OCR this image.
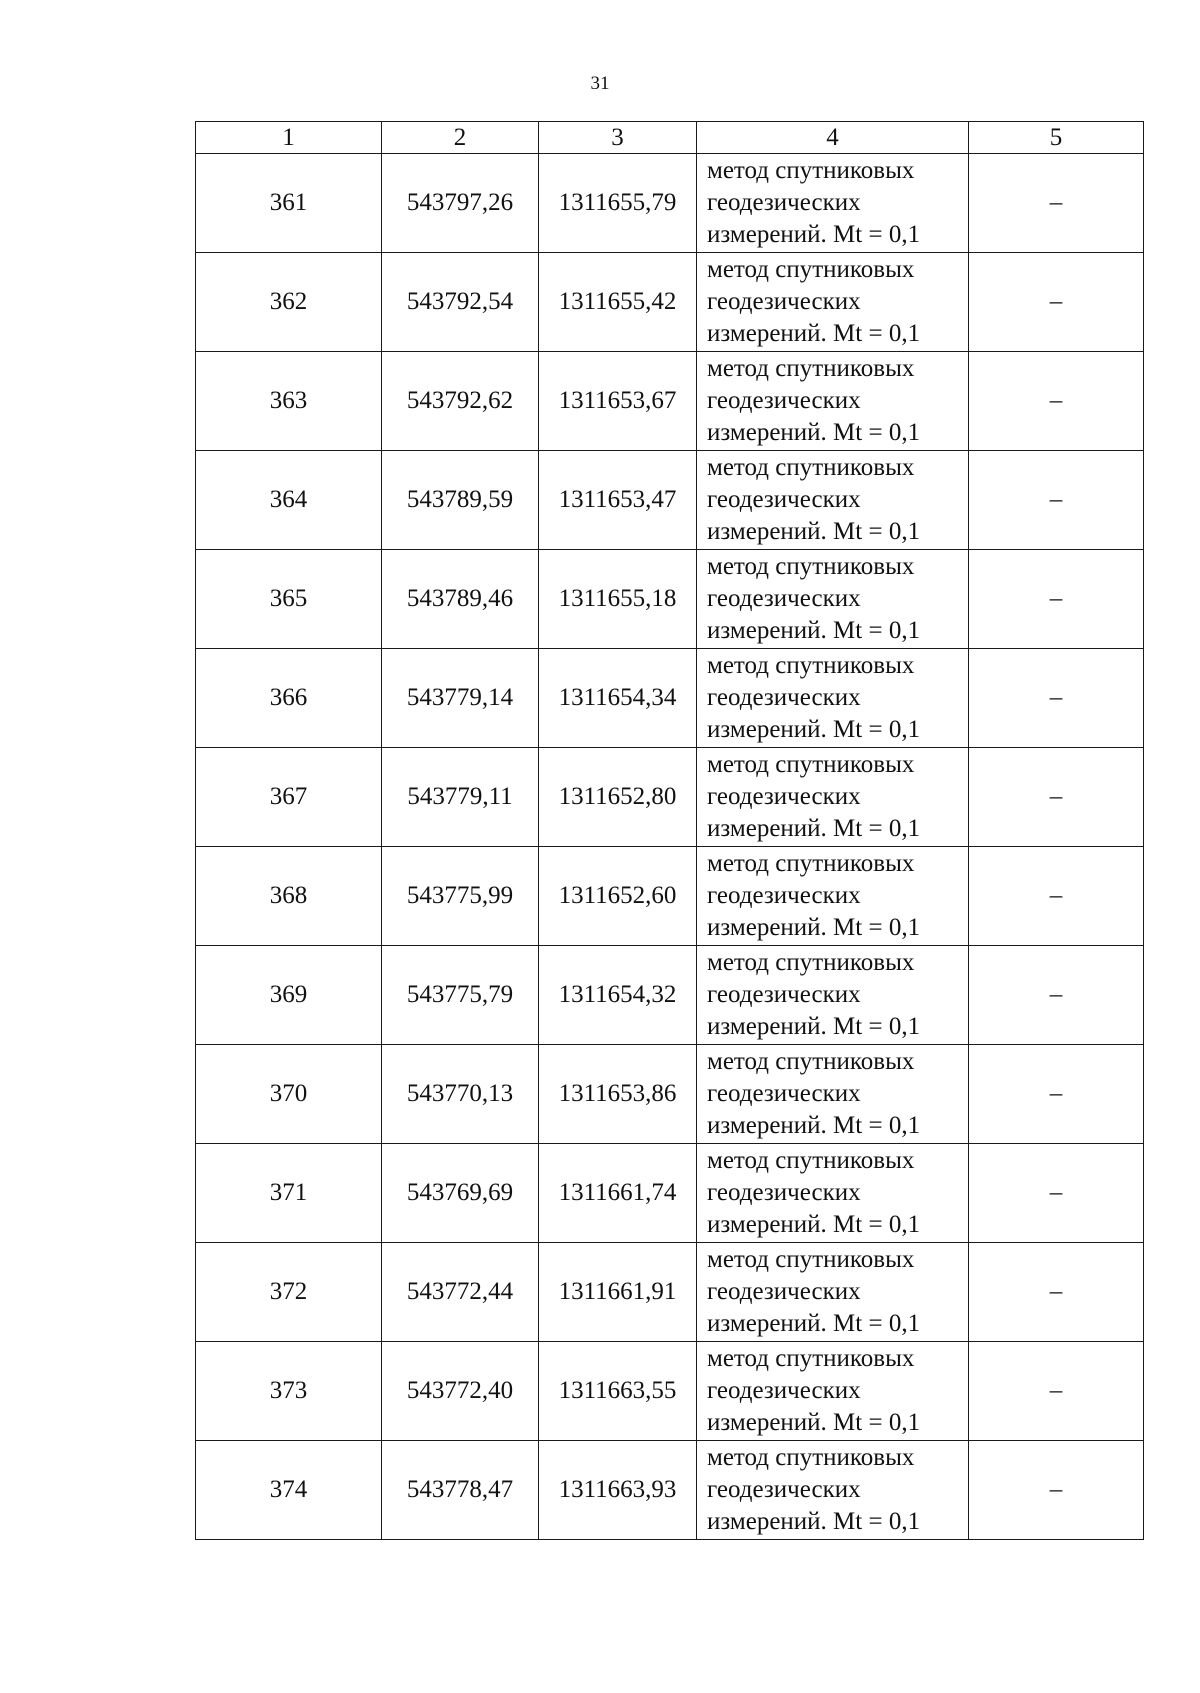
31
1	2	3	4	5
361	543797,26	1311655,79	метод спутниковых
геодезических
измерений. Mt = 0,1	–
362	543792,54	1311655,42	метод спутниковых
геодезических
измерений. Mt = 0,1	–
363	543792,62	1311653,67	метод спутниковых
геодезических
измерений. Mt = 0,1	–
364	543789,59	1311653,47	метод спутниковых
геодезических
измерений. Mt = 0,1	–
365	543789,46	1311655,18	метод спутниковых
геодезических
измерений. Mt = 0,1	–
366	543779,14	1311654,34	метод спутниковых
геодезических
измерений. Mt = 0,1	–
367	543779,11	1311652,80	метод спутниковых
геодезических
измерений. Mt = 0,1	–
368	543775,99	1311652,60	метод спутниковых
геодезических
измерений. Mt = 0,1	–
369	543775,79	1311654,32	метод спутниковых
геодезических
измерений. Mt = 0,1	–
370	543770,13	1311653,86	метод спутниковых
геодезических
измерений. Mt = 0,1	–
371	543769,69	1311661,74	метод спутниковых
геодезических
измерений. Mt = 0,1	–
372	543772,44	1311661,91	метод спутниковых
геодезических
измерений. Mt = 0,1	–
373	543772,40	1311663,55	метод спутниковых
геодезических
измерений. Mt = 0,1	–
374	543778,47	1311663,93	метод спутниковых
геодезических
измерений. Mt = 0,1	–
